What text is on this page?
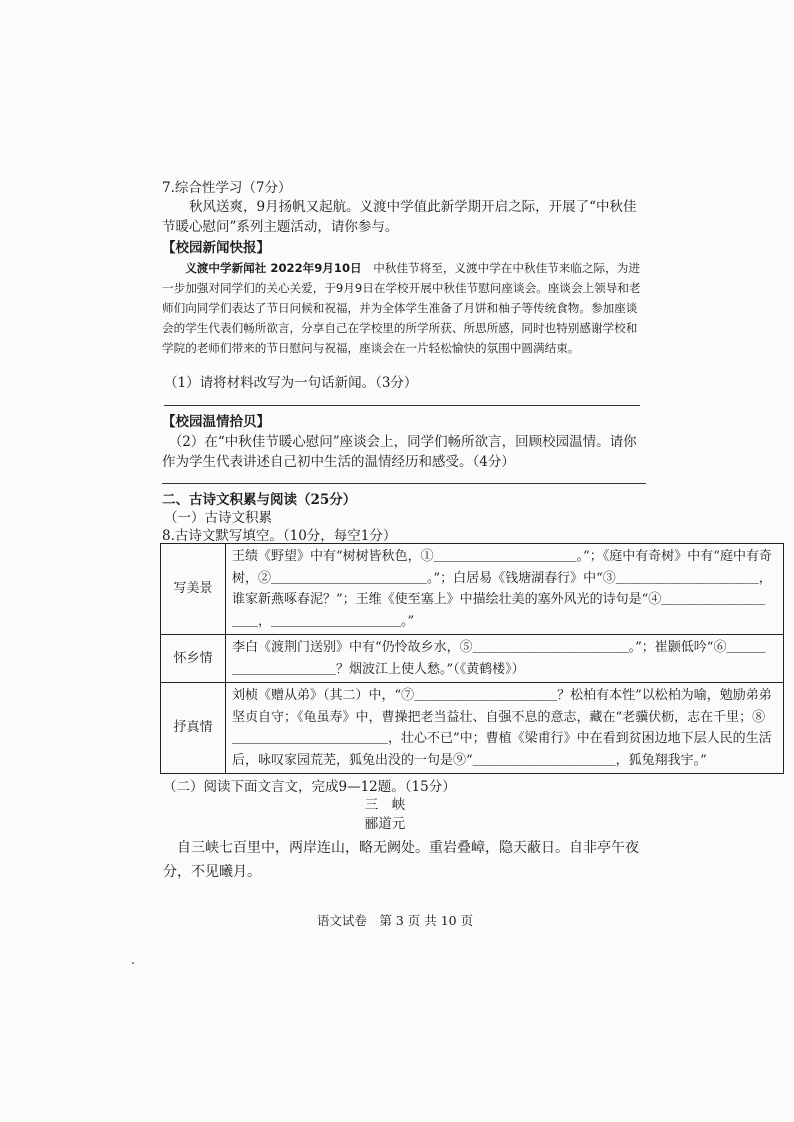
7.综合性学习（7分）
秋风送爽，9月扬帆又起航。义渡中学值此新学期开启之际，开展了“中秋佳节暖心慰问”系列主题活动，请你参与。
【校园新闻快报】
义渡中学新闻社 2022年9月10日　 中秋佳节将至，义渡中学在中秋佳节来临之际，为进一步加强对同学们的关心关爱，于9月9日在学校开展中秋佳节慰问座谈会。座谈会上领导和老师们向同学们表达了节日问候和祝福，并为全体学生准备了月饼和柚子等传统食物。参加座谈会的学生代表们畅所欲言，分享自己在学校里的所学所获、所思所感，同时也特别感谢学校和学院的老师们带来的节日慰问与祝福，座谈会在一片轻松愉快的氛围中圆满结束。
（1）请将材料改写为一句话新闻。（3分）
【校园温情拾贝】
（2）在“中秋佳节暖心慰问”座谈会上，同学们畅所欲言，回顾校园温情。请你作为学生代表讲述自己初中生活的温情经历和感受。（4分）
二、古诗文积累与阅读（25分）
（一）古诗文积累
8.古诗文默写填空。（10分，每空1分）
写美景	王绩《野望》中有“树树皆秋色，①＿＿＿＿＿＿＿＿＿＿＿。”；《庭中有奇树》中有“庭中有奇树，②＿＿＿＿＿＿＿＿＿＿＿＿。”；白居易《钱塘湖春行》中“③＿＿＿＿＿＿＿＿＿＿＿，谁家新燕啄春泥？”；王维《使至塞上》中描绘壮美的塞外风光的诗句是“④＿＿＿＿＿＿＿＿＿＿，＿＿＿＿＿＿＿＿＿＿。”
怀乡情	李白《渡荆门送别》中有“仍怜故乡水，⑤＿＿＿＿＿＿＿＿＿＿＿＿。”；崔颢低吟“⑥＿＿＿＿＿＿＿＿＿＿＿？烟波江上使人愁。”（《黄鹤楼》）
抒真情	刘桢《赠从弟》（其二）中，“⑦＿＿＿＿＿＿＿＿＿＿＿？松柏有本性”以松柏为喻，勉励弟弟坚贞自守；《龟虽寿》中，曹操把老当益壮、自强不息的意志，藏在“老骥伏枥，志在千里；⑧＿＿＿＿＿＿＿＿＿＿＿＿，壮心不已”中；曹植《梁甫行》中在看到贫困边地下层人民的生活后，咏叹家园荒芜，狐兔出没的一句是⑨“＿＿＿＿＿＿＿＿＿＿＿，狐兔翔我宇。”
（二）阅读下面文言文，完成9—12题。（15分）
三　峡
郦道元
自三峡七百里中，两岸连山，略无阙处。重岩叠嶂，隐天蔽日。自非亭午夜分，不见曦月。
语文试卷　第 3 页 共 10 页
